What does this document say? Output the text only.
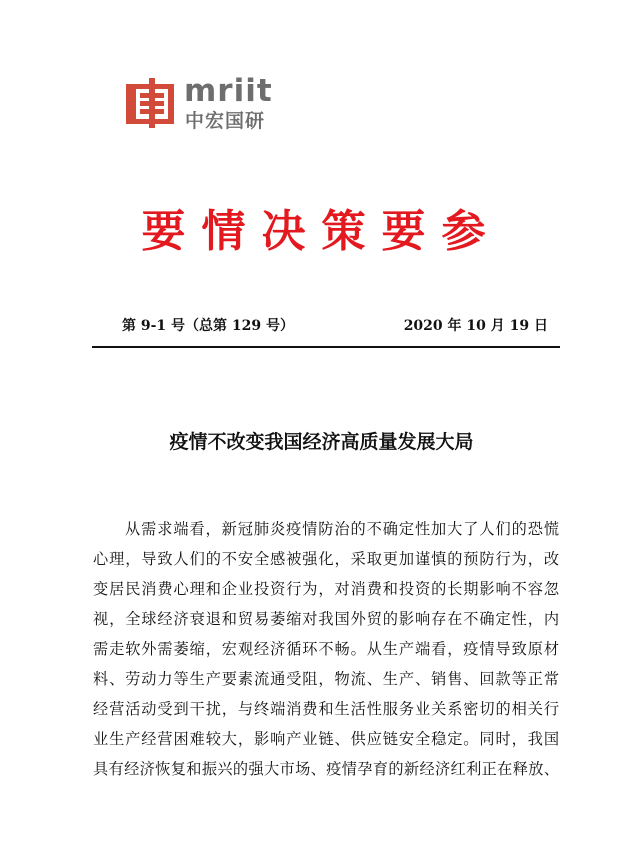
mriit
中宏国研
要情决策要参
第 9-1 号（总第 129 号）	2020 年 10 月 19 日
疫情不改变我国经济高质量发展大局
从需求端看，新冠肺炎疫情防治的不确定性加大了人们的恐慌
心理，导致人们的不安全感被强化，采取更加谨慎的预防行为，改
变居民消费心理和企业投资行为，对消费和投资的长期影响不容忽
视，全球经济衰退和贸易萎缩对我国外贸的影响存在不确定性，内
需走软外需萎缩，宏观经济循环不畅。从生产端看，疫情导致原材
料、劳动力等生产要素流通受阻，物流、生产、销售、回款等正常
经营活动受到干扰，与终端消费和生活性服务业关系密切的相关行
业生产经营困难较大，影响产业链、供应链安全稳定。同时，我国
具有经济恢复和振兴的强大市场、疫情孕育的新经济红利正在释放、
